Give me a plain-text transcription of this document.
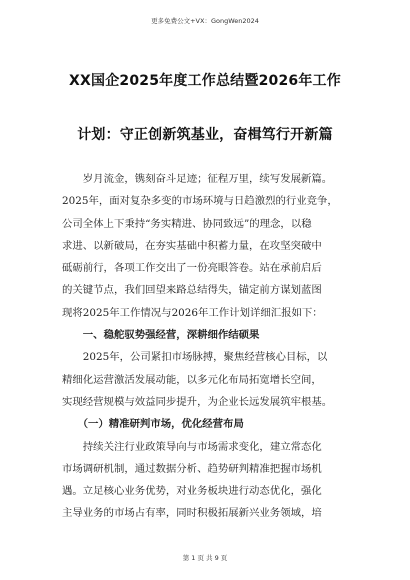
更多免费公文+VX：GongWen2024
XX国企2025年度工作总结暨2026年工作
计划：守正创新筑基业，奋楫笃行开新篇
岁月流金，镌刻奋斗足迹；征程万里，续写发展新篇。
2025年，面对复杂多变的市场环境与日趋激烈的行业竞争，
公司全体上下秉持“务实精进、协同致远”的理念，以稳
求进、以新破局，在夯实基础中积蓄力量，在攻坚突破中
砥砺前行，各项工作交出了一份亮眼答卷。站在承前启后
的关键节点，我们回望来路总结得失，锚定前方谋划蓝图
现将2025年工作情况与2026年工作计划详细汇报如下：
一、稳舵驭势强经营，深耕细作结硕果
2025年，公司紧扣市场脉搏，聚焦经营核心目标，以
精细化运营激活发展动能，以多元化布局拓宽增长空间，
实现经营规模与效益同步提升，为企业长远发展筑牢根基。
（一）精准研判市场，优化经营布局
持续关注行业政策导向与市场需求变化，建立常态化
市场调研机制，通过数据分析、趋势研判精准把握市场机
遇。立足核心业务优势，对业务板块进行动态优化，强化
主导业务的市场占有率，同时积极拓展新兴业务领域，培
第 1 页 共 9 页
